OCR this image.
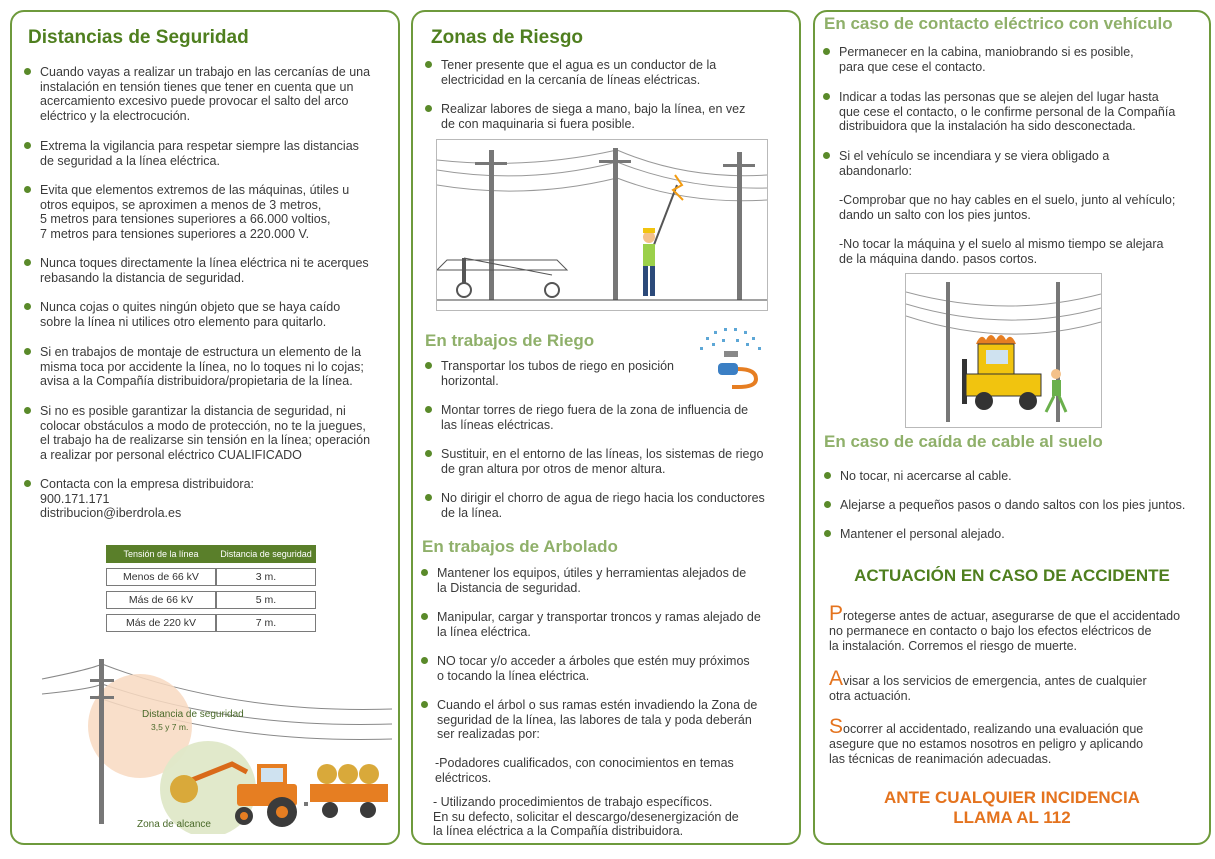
Distancias de Seguridad
Cuando vayas a realizar un trabajo en las cercanías de una
instalación en tensión tienes que tener en cuenta que un
acercamiento excesivo puede provocar el salto del arco
eléctrico y la electrocución.
Extrema la vigilancia para respetar siempre las distancias
de seguridad a la línea eléctrica.
Evita que elementos extremos de las máquinas, útiles u
otros equipos, se aproximen a menos de 3 metros,
5 metros para tensiones superiores a 66.000 voltios,
7 metros para tensiones superiores a 220.000 V.
Nunca toques directamente la línea eléctrica ni te acerques
rebasando la distancia de seguridad.
Nunca cojas o quites ningún objeto que se haya caído
sobre la línea ni utilices otro elemento para quitarlo.
Si en trabajos de montaje de estructura un elemento de la
misma toca por accidente la línea, no lo toques ni lo cojas;
avisa a la Compañía distribuidora/propietaria de la línea.
Si no es posible garantizar la distancia de seguridad, ni
colocar obstáculos a modo de protección, no te la juegues,
el trabajo ha de realizarse sin tensión en la línea; operación
a realizar por personal eléctrico CUALIFICADO
Contacta con la empresa distribuidora:
900.171.171
distribucion@iberdrola.es
Tensión de la línea	Distancia de seguridad
Menos de 66 kV	3 m.
Más de 66 kV	5 m.
Más de 220 kV	7 m.
Distancia de seguridad
3,5 y 7 m.
Zona de alcance
Zonas de Riesgo
Tener presente que el agua es un conductor de la
electricidad en la cercanía de líneas eléctricas.
Realizar labores de siega a mano, bajo la línea, en vez
de con maquinaria si fuera posible.
En trabajos de Riego
Transportar los tubos de riego en posición
horizontal.
Montar torres de riego fuera de la zona de influencia de
las líneas eléctricas.
Sustituir, en el entorno de las líneas, los sistemas de riego
de gran altura por otros de menor altura.
No dirigir el chorro de agua de riego hacia los conductores
de la línea.
En trabajos de Arbolado
Mantener los equipos, útiles y herramientas alejados de
la Distancia de seguridad.
Manipular, cargar y transportar troncos y ramas alejado de
la línea eléctrica.
NO tocar y/o acceder a árboles que estén muy próximos
o tocando la línea eléctrica.
Cuando el árbol o sus ramas estén invadiendo la Zona de
seguridad de la línea, las labores de tala y poda deberán
ser realizadas por:
-Podadores cualificados, con conocimientos en temas
eléctricos.
- Utilizando procedimientos de trabajo específicos.
En su defecto, solicitar el descargo/desenergización de
la línea eléctrica a la Compañía distribuidora.
En caso de contacto eléctrico con vehículo
Permanecer en la cabina, maniobrando si es posible,
para que cese el contacto.
Indicar a todas las personas que se alejen del lugar hasta
que cese el contacto, o le confirme personal de la Compañía
distribuidora que la instalación ha sido desconectada.
Si el vehículo se incendiara y se viera obligado a
abandonarlo:
-Comprobar que no hay cables en el suelo, junto al vehículo;
dando un salto con los pies juntos.
-No tocar la máquina y el suelo al mismo tiempo se alejara
de la máquina dando. pasos cortos.
En caso de caída de cable al suelo
No tocar, ni acercarse al cable.
Alejarse a pequeños pasos o dando saltos con los pies juntos.
Mantener el personal alejado.
ACTUACIÓN EN CASO DE ACCIDENTE
Protegerse antes de actuar, asegurarse de que el accidentado
no permanece en contacto o bajo los efectos eléctricos de
la instalación. Corremos el riesgo de muerte.
Avisar a los servicios de emergencia, antes de cualquier
otra actuación.
Socorrer al accidentado, realizando una evaluación que
asegure que no estamos nosotros en peligro y aplicando
las técnicas de reanimación adecuadas.
ANTE CUALQUIER INCIDENCIA
LLAMA AL 112
